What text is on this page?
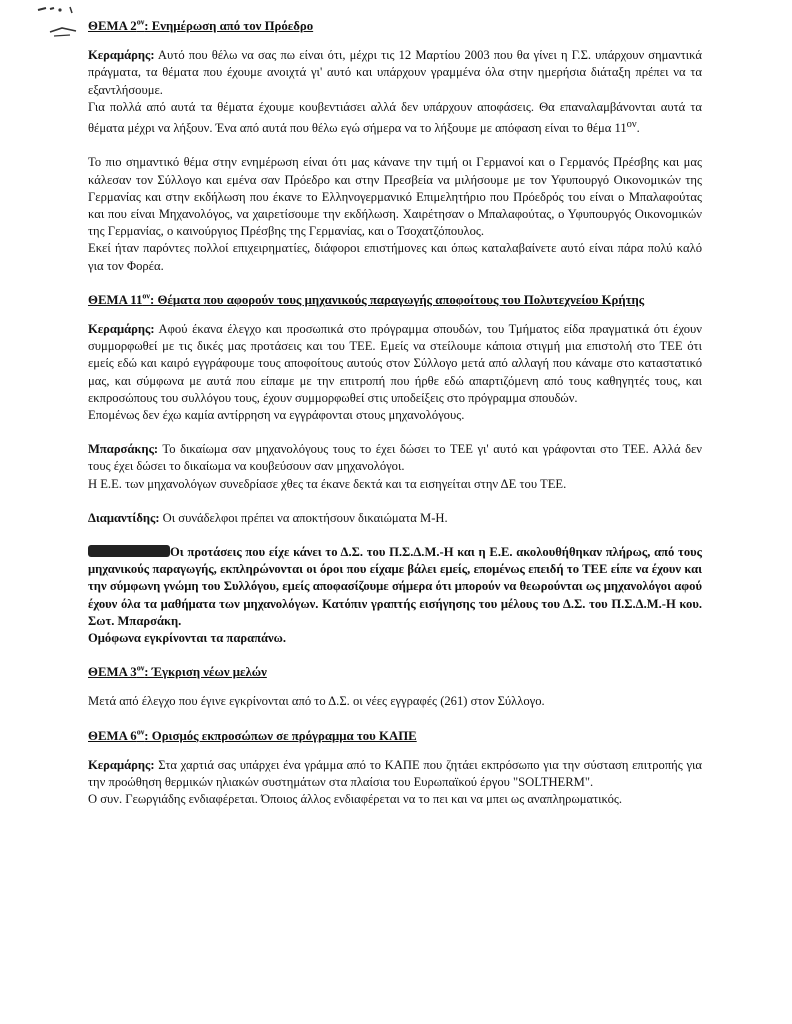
ΘΕΜΑ $2^{o\nu}$: Ενημέρωση από τον Πρόεδρο

Κεραμάρης: Αυτό που θέλω να σας πω είναι ότι, μέχρι τις 12 Μαρτίου 2003 που θα γίνει η Γ.Σ. υπάρχουν σημαντικά πράγματα, τα θέματα που έχουμε ανοιχτά γι' αυτό και υπάρχουν γραμμένα όλα στην ημερήσια διάταξη πρέπει να τα εξαντλήσουμε.

Για πολλά από αυτά τα θέματα έχουμε κουβεντιάσει αλλά δεν υπάρχουν αποφάσεις. Θα επαναλαμβάνονται αυτά τα θέματα μέχρι να λήξουν. Ένα από αυτά που θέλω εγώ σήμερα να το λήξουμε με απόφαση είναι το θέμα $11^{o\nu}$.

Το πιο σημαντικό θέμα στην ενημέρωση είναι ότι μας κάνανε την τιμή οι Γερμανοί και ο Γερμανός Πρέσβης και μας κάλεσαν τον Σύλλογο και εμένα σαν Πρόεδρο και στην Πρεσβεία να μιλήσουμε με τον Υφυπουργό Οικονομικών της Γερμανίας και στην εκδήλωση που έκανε το Ελληνογερμανικό Επιμελητήριο που Πρόεδρός του είναι ο Μπαλαφούτας και που είναι Μηχανολόγος, να χαιρετίσουμε την εκδήλωση. Χαιρέτησαν ο Μπαλαφούτας, ο Υφυπουργός Οικονομικών της Γερμανίας, ο καινούργιος Πρέσβης της Γερμανίας, και ο Τσοχατζόπουλος.

Εκεί ήταν παρόντες πολλοί επιχειρηματίες, διάφοροι επιστήμονες και όπως καταλαβαίνετε αυτό είναι πάρα πολύ καλό για τον Φορέα.

ΘΕΜΑ $11^{o\nu}$: Θέματα που αφορούν τους μηχανικούς παραγωγής αποφοίτους του Πολυτεχνείου Κρήτης

Κεραμάρης: Αφού έκανα έλεγχο και προσωπικά στο πρόγραμμα σπουδών, του Τμήματος είδα πραγματικά ότι έχουν συμμορφωθεί με τις δικές μας προτάσεις και του ΤΕΕ. Εμείς να στείλουμε κάποια στιγμή μια επιστολή στο ΤΕΕ ότι εμείς εδώ και καιρό εγγράφουμε τους αποφοίτους αυτούς στον Σύλλογο μετά από αλλαγή που κάναμε στο καταστατικό μας, και σύμφωνα με αυτά που είπαμε με την επιτροπή που ήρθε εδώ απαρτιζόμενη από τους καθηγητές τους, και εκπροσώπους του συλλόγου τους, έχουν συμμορφωθεί στις υποδείξεις στο πρόγραμμα σπουδών.

Επομένως δεν έχω καμία αντίρρηση να εγγράφονται στους μηχανολόγους.

Μπαρσάκης: Το δικαίωμα σαν μηχανολόγους τους το έχει δώσει το ΤΕΕ γι' αυτό και γράφονται στο ΤΕΕ. Αλλά δεν τους έχει δώσει το δικαίωμα να κουβεύσουν σαν μηχανολόγοι.

Η Ε.Ε. των μηχανολόγων συνεδρίασε χθες τα έκανε δεκτά και τα εισηγείται στην ΔΕ του ΤΕΕ.

Διαμαντίδης: Οι συνάδελφοι πρέπει να αποκτήσουν δικαιώματα Μ-Η.

Οι προτάσεις που είχε κάνει το Δ.Σ. του Π.Σ.Δ.Μ.-Η και η Ε.Ε. ακολουθήθηκαν πλήρως, από τους μηχανικούς παραγωγής, εκπληρώνονται οι όροι που είχαμε βάλει εμείς, επομένως επειδή το ΤΕΕ είπε να έχουν και την σύμφωνη γνώμη του Συλλόγου, εμείς αποφασίζουμε σήμερα ότι μπορούν να θεωρούνται ως μηχανολόγοι αφού έχουν όλα τα μαθήματα των μηχανολόγων. Κατόπιν γραπτής εισήγησης του μέλους του Δ.Σ. του Π.Σ.Δ.Μ.-Η κου. Σωτ. Μπαρσάκη.

Ομόφωνα εγκρίνονται τα παραπάνω.

ΘΕΜΑ $3^{o\nu}$: Έγκριση νέων μελών

Μετά από έλεγχο που έγινε εγκρίνονται από το Δ.Σ. οι νέες εγγραφές (261) στον Σύλλογο.

ΘΕΜΑ $6^{o\nu}$: Ορισμός εκπροσώπων σε πρόγραμμα του ΚΑΠΕ

Κεραμάρης: Στα χαρτιά σας υπάρχει ένα γράμμα από το ΚΑΠΕ που ζητάει εκπρόσωπο για την σύσταση επιτροπής για την προώθηση θερμικών ηλιακών συστημάτων στα πλαίσια του Ευρωπαϊκού έργου "SOLTHERM".

Ο συν. Γεωργιάδης ενδιαφέρεται. Όποιος άλλος ενδιαφέρεται να το πει και να μπει ως αναπληρωματικός.
